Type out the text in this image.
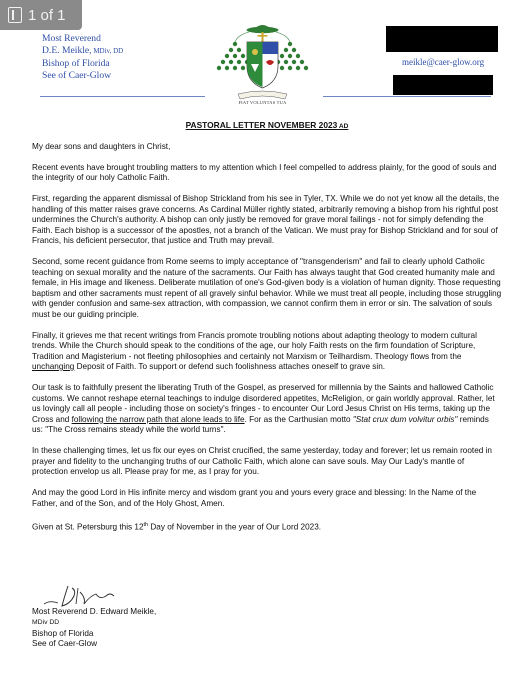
1 of 1
Most Reverend
D.E. Meikle, MDiv, DD
Bishop of Florida
See of Caer-Glow
meikle@caer-glow.org
FIAT VOLUNTAS TUA
PASTORAL LETTER NOVEMBER 2023 AD

My dear sons and daughters in Christ,

Recent events have brought troubling matters to my attention which I feel compelled to address plainly, for the good of souls and the integrity of our holy Catholic Faith.

First, regarding the apparent dismissal of Bishop Strickland from his see in Tyler, TX. While we do not yet know all the details, the handling of this matter raises grave concerns. As Cardinal Müller rightly stated, arbitrarily removing a bishop from his rightful post undermines the Church's authority. A bishop can only justly be removed for grave moral failings - not for simply defending the Faith. Each bishop is a successor of the apostles, not a branch of the Vatican. We must pray for Bishop Strickland and for soul of Francis, his deficient persecutor, that justice and Truth may prevail.

Second, some recent guidance from Rome seems to imply acceptance of "transgenderism" and fail to clearly uphold Catholic teaching on sexual morality and the nature of the sacraments. Our Faith has always taught that God created humanity male and female, in His image and likeness. Deliberate mutilation of one's God-given body is a violation of human dignity. Those requesting baptism and other sacraments must repent of all gravely sinful behavior. While we must treat all people, including those struggling with gender confusion and same-sex attraction, with compassion, we cannot confirm them in error or sin. The salvation of souls must be our guiding principle.

Finally, it grieves me that recent writings from Francis promote troubling notions about adapting theology to modern cultural trends. While the Church should speak to the conditions of the age, our holy Faith rests on the firm foundation of Scripture, Tradition and Magisterium - not fleeting philosophies and certainly not Marxism or Teilhardism. Theology flows from the unchanging Deposit of Faith. To support or defend such foolishness attaches oneself to grave sin.

Our task is to faithfully present the liberating Truth of the Gospel, as preserved for millennia by the Saints and hallowed Catholic customs. We cannot reshape eternal teachings to indulge disordered appetites, McReligion, or gain worldly approval. Rather, let us lovingly call all people - including those on society's fringes - to encounter Our Lord Jesus Christ on His terms, taking up the Cross and following the narrow path that alone leads to life. For as the Carthusian motto "Stat crux dum volvitur orbis" reminds us: "The Cross remains steady while the world turns".

In these challenging times, let us fix our eyes on Christ crucified, the same yesterday, today and forever; let us remain rooted in prayer and fidelity to the unchanging truths of our Catholic Faith, which alone can save souls. May Our Lady's mantle of protection envelop us all. Please pray for me, as I pray for you.

And may the good Lord in His infinite mercy and wisdom grant you and yours every grace and blessing: In the Name of the Father, and of the Son, and of the Holy Ghost, Amen.

Given at St. Petersburg this 12th Day of November in the year of Our Lord 2023.

Most Reverend D. Edward Meikle,
MDiv DD
Bishop of Florida
See of Caer-Glow
